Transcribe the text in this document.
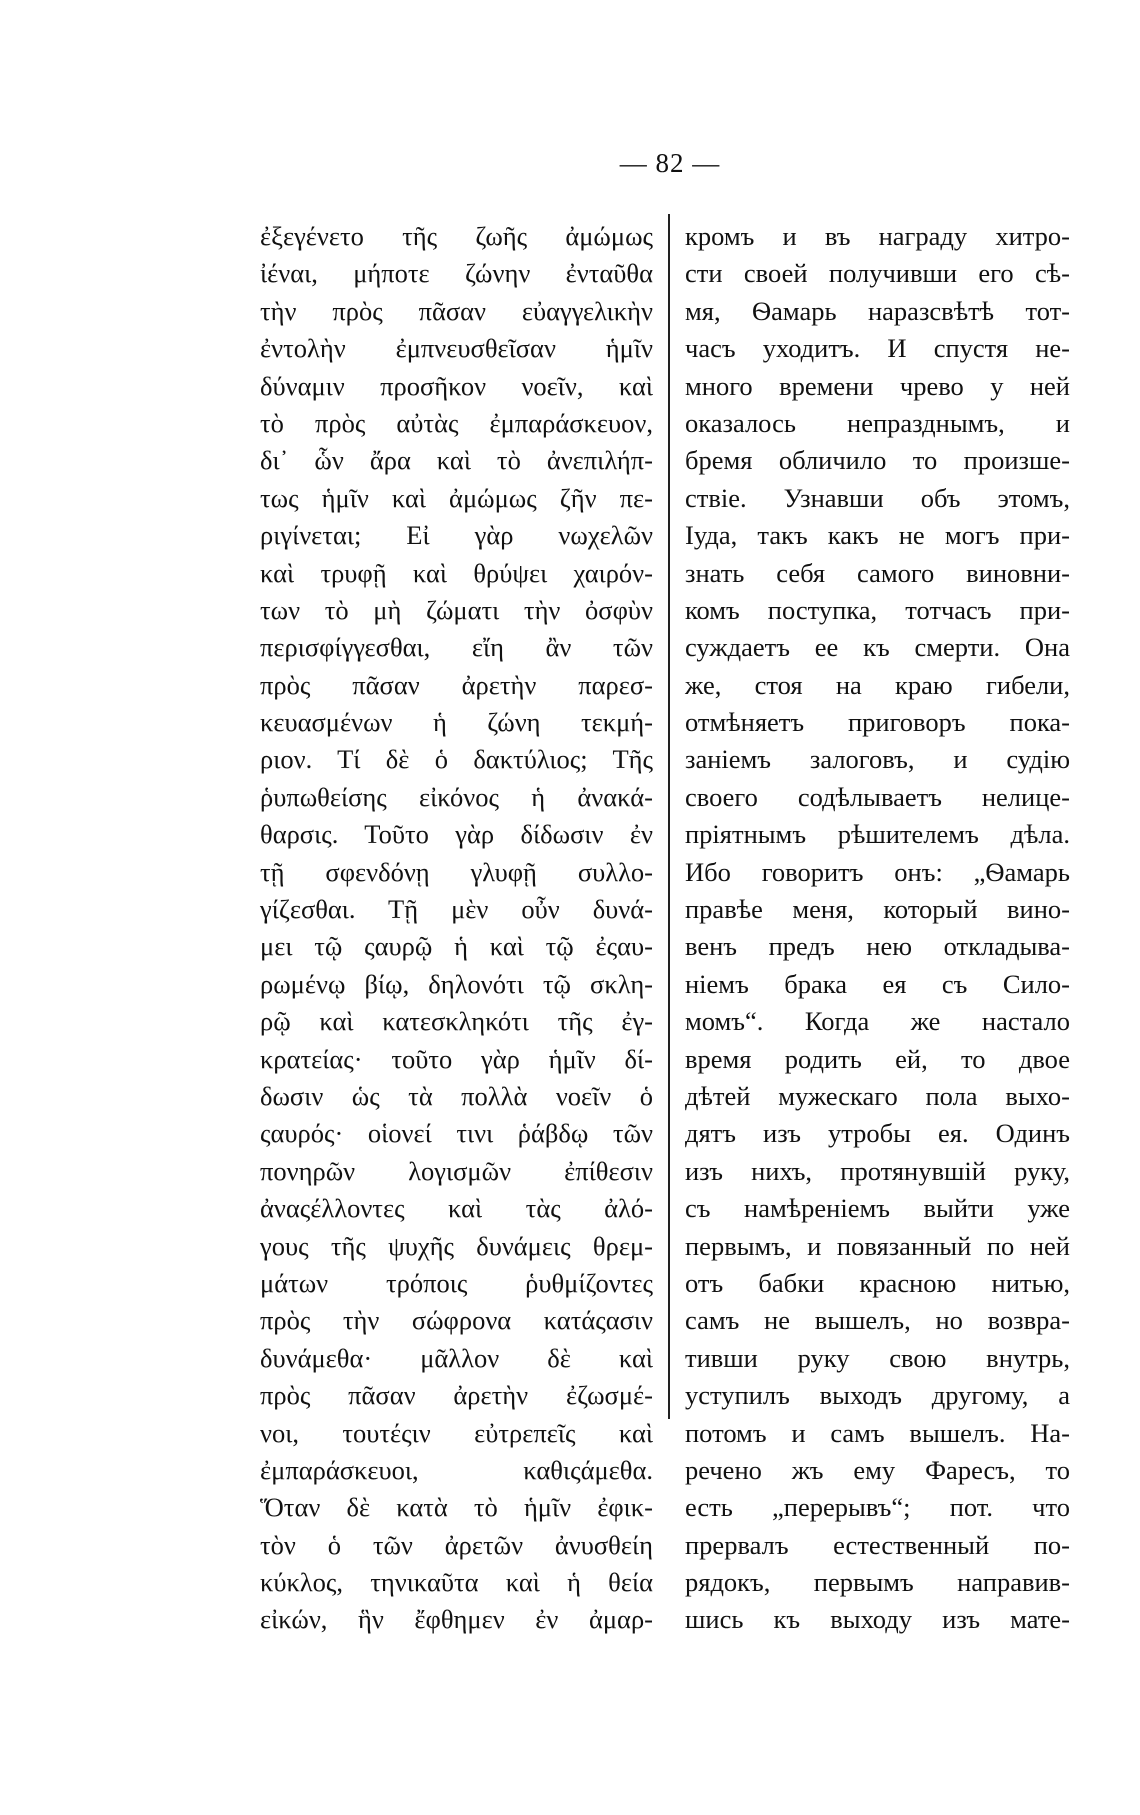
— 82 —
ἐξεγένετο τῆς ζωῆς ἀμώμως
ἰέναι, μήποτε ζώνην ἐνταῦθα
τὴν πρὸς πᾶσαν εὐαγγελικὴν
ἐντολὴν ἐμπνευσθεῖσαν ἡμῖν
δύναμιν προσῆκον νοεῖν, καὶ
τὸ πρὸς αὐτὰς ἐμπαράσκευον,
δι᾽ ὧν ἄρα καὶ τὸ ἀνεπιλήπ-
τως ἡμῖν καὶ ἀμώμως ζῆν πε-
ριγίνεται; Εἰ γὰρ νωχελῶν
καὶ τρυφῇ καὶ θρύψει χαιρόν-
των τὸ μὴ ζώματι τὴν ὀσφὺν
περισφίγγεσθαι, εἴη ἂν τῶν
πρὸς πᾶσαν ἀρετὴν παρεσ-
κευασμένων ἡ ζώνη τεκμή-
ριον. Τί δὲ ὁ δακτύλιος; Τῆς
ῥυπωθείσης εἰκόνος ἡ ἀνακά-
θαρσις. Τοῦτο γὰρ δίδωσιν ἐν
τῇ σφενδόνῃ γλυφῇ συλλο-
γίζεσθαι. Τῇ μὲν οὖν δυνά-
μει τῷ ςαυρῷ ἡ καὶ τῷ ἐςαυ-
ρωμένῳ βίῳ, δηλονότι τῷ σκλη-
ρῷ καὶ κατεσκληκότι τῆς ἐγ-
κρατείας· τοῦτο γὰρ ἡμῖν δί-
δωσιν ὡς τὰ πολλὰ νοεῖν ὁ
ςαυρός· οἱονεί τινι ῥάβδῳ τῶν
πονηρῶν λογισμῶν ἐπίθεσιν
ἀναςέλλοντες καὶ τὰς ἀλό-
γους τῆς ψυχῆς δυνάμεις θρεμ-
μάτων τρόποις ῥυθμίζοντες
πρὸς τὴν σώφρονα κατάςασιν
δυνάμεθα· μᾶλλον δὲ καὶ
πρὸς πᾶσαν ἀρετὴν ἐζωσμέ-
νοι, τουτέςιν εὐτρεπεῖς καὶ
ἐμπαράσκευοι, καθιςάμεθα.
Ὅταν δὲ κατὰ τὸ ἡμῖν ἐφικ-
τὸν ὁ τῶν ἀρετῶν ἀνυσθείη
κύκλος, τηνικαῦτα καὶ ἡ θεία
εἰκών, ἣν ἔφθημεν ἐν ἀμαρ-
кромъ и въ награду хитро-
сти своей получивши его сѣ-
мя, Ѳамарь наразсвѣтѣ тот-
часъ уходитъ. И спустя не-
много времени чрево у ней
оказалось непразднымъ, и
бремя обличило то произше-
ствіе. Узнавши объ этомъ,
Іуда, такъ какъ не могъ при-
знать себя самого виновни-
комъ поступка, тотчасъ при-
суждаетъ ее къ смерти. Она
же, стоя на краю гибели,
отмѣняетъ приговоръ пока-
заніемъ залоговъ, и судію
своего содѣлываетъ нелице-
пріятнымъ рѣшителемъ дѣла.
Ибо говоритъ онъ: „Ѳамарь
правѣе меня, который вино-
венъ предъ нею откладыва-
ніемъ брака ея съ Сило-
момъ“. Когда же настало
время родить ей, то двое
дѣтей мужескаго пола выхо-
дятъ изъ утробы ея. Одинъ
изъ нихъ, протянувшій руку,
съ намѣреніемъ выйти уже
первымъ, и повязанный по ней
отъ бабки красною нитью,
самъ не вышелъ, но возвра-
тивши руку свою внутрь,
уступилъ выходъ другому, а
потомъ и самъ вышелъ. На-
речено жъ ему Фаресъ, то
есть „перерывъ“; пот. что
прервалъ естественный по-
рядокъ, первымъ направив-
шись къ выходу изъ мате-
